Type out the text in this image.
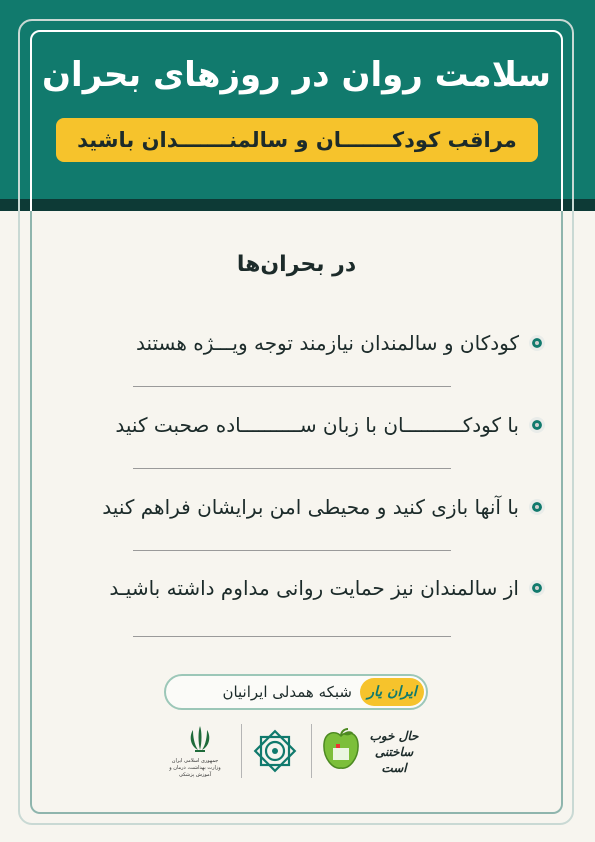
سلامت روان در روزهای بحران
مراقب کودکـــــــان و سالمنـــــــدان باشید
در بحران‌ها
کودکان و سالمندان نیازمند توجه ویـــژه هستند
با کودکــــــــــان با زبان ســــــــــاده صحبت کنید
با آنها بازی کنید و محیطی امن برایشان فراهم کنید
از سالمندان نیز حمایت روانی مداوم داشته باشیـد
ایران یار
شبکه همدلی ایرانیان
حال خوب ساختنی است
جمهوری اسلامی ایران وزارت بهداشت، درمان و آموزش پزشکی
